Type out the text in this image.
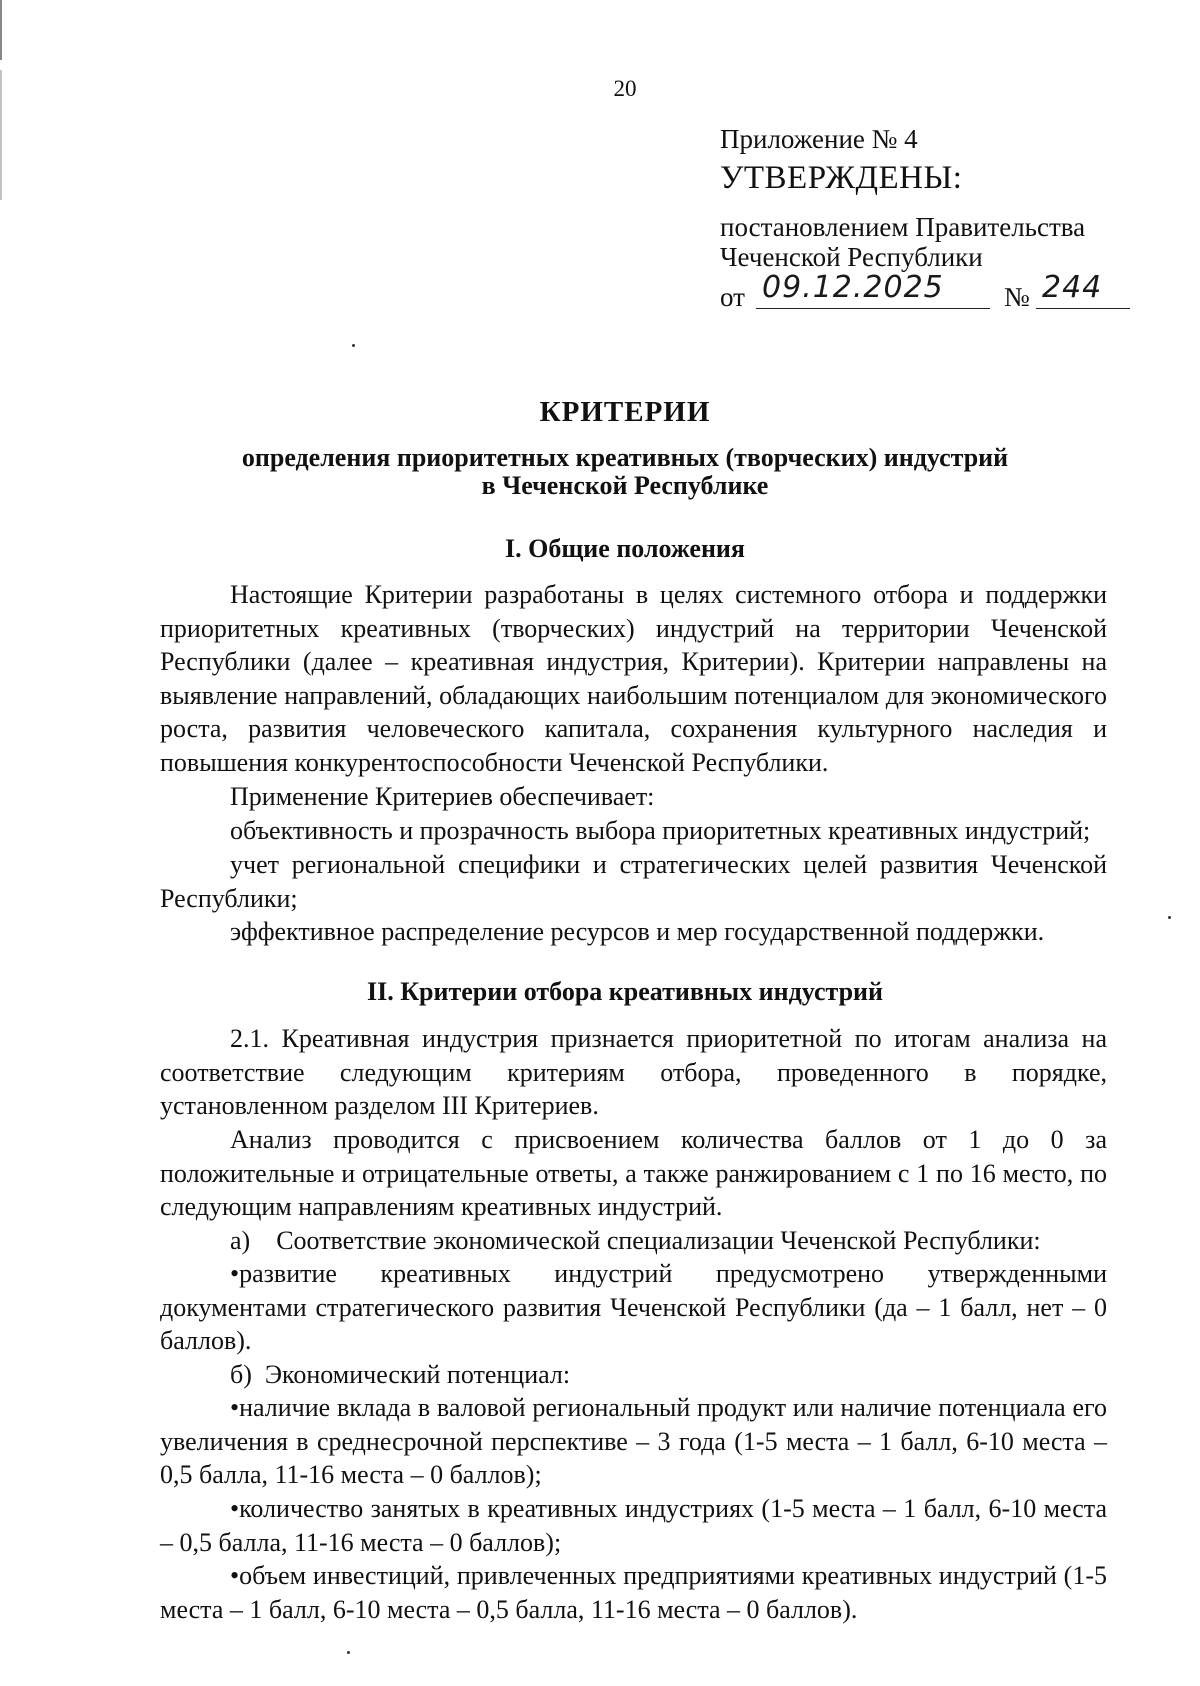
20

Приложение № 4

УТВЕРЖДЕНЫ:

постановлением Правительства

Чеченской Республики

от 09.12.2025 № 244
КРИТЕРИИ
определения приоритетных креативных (творческих) индустрий
в Чеченской Республике
I. Общие положения

Настоящие Критерии разработаны в целях системного отбора и поддержки приоритетных креативных (творческих) индустрий на территории Чеченской Республики (далее – креативная индустрия, Критерии). Критерии направлены на выявление направлений, обладающих наибольшим потенциалом для экономического роста, развития человеческого капитала, сохранения культурного наследия и повышения конкурентоспособности Чеченской Республики.

Применение Критериев обеспечивает:

объективность и прозрачность выбора приоритетных креативных индустрий;

учет региональной специфики и стратегических целей развития Чеченской Республики;

эффективное распределение ресурсов и мер государственной поддержки.

II. Критерии отбора креативных индустрий

2.1. Креативная индустрия признается приоритетной по итогам анализа на соответствие следующим критериям отбора, проведенного в порядке, установленном разделом III Критериев.

Анализ проводится с присвоением количества баллов от 1 до 0 за положительные и отрицательные ответы, а также ранжированием с 1 по 16 место, по следующим направлениям креативных индустрий.

а)    Соответствие экономической специализации Чеченской Республики:

•развитие креативных индустрий предусмотрено утвержденными документами стратегического развития Чеченской Республики (да – 1 балл, нет – 0 баллов).

б)  Экономический потенциал:

•наличие вклада в валовой региональный продукт или наличие потенциала его увеличения в среднесрочной перспективе – 3 года (1-5 места – 1 балл, 6-10 места – 0,5 балла, 11-16 места – 0 баллов);

•количество занятых в креативных индустриях (1-5 места – 1 балл, 6-10 места – 0,5 балла, 11-16 места – 0 баллов);

•объем инвестиций, привлеченных предприятиями креативных индустрий (1-5 места – 1 балл, 6-10 места – 0,5 балла, 11-16 места – 0 баллов).
